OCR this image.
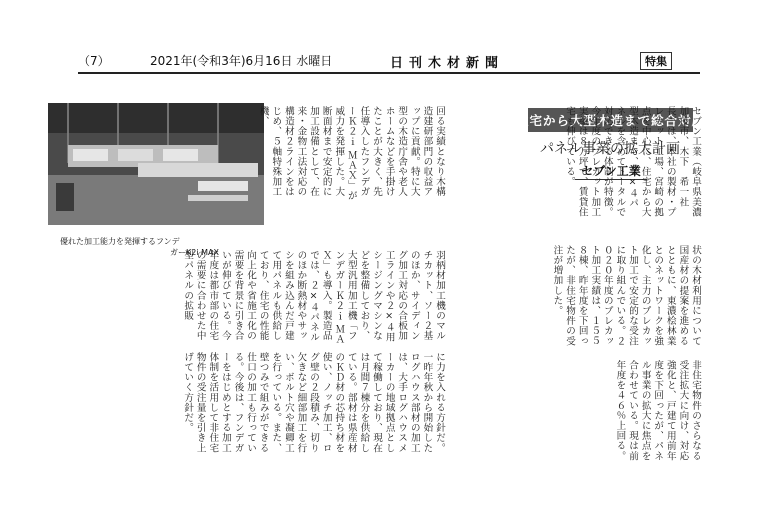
（7）	2021年(令和3年)6月16日 水曜日	日刊木材新聞	特集
優れた加工能力を発揮するフンデ
ガーK2i MAX
回る実績となり木構造建研部門の収益アップに貢献。特に大型の木造庁舎や老人ホームなどを手掛けたことが大きく、先任導入したフンデガーＫ２ｉ ＭＡＸ」が威力を発揮した。大断面材まで安定的に加工設備として、在来・金物工法対応の構造材２ラインをはじめ、５軸特殊加工機、
羽柄材加工機のマルチカット、ソー２基のほか、サイディング加工対応の合板加工ラインや２×４用シージングマシンなどを整備しており、大型汎用加工機「フンデガーＫ２ｉ ＭＡＸ」も導入。製造品では、２×４パネルのほか断熱材やサッシを組み込んだ戸建て用パネルも供給しており、住宅の性能向上化や省施工化の需要を背景に引き合いが伸びている。今年度は都市部の住宅の需要に合わせた中型パネルの拡販
に力を入れる方針だ。一昨年秋から開始したログハウス部材の加工は、大手ログハウスメーカーの地域拠点として稼働しており、現在は月間７棟分を供給している。部材は県産材のＫＤ材の芯持ち材を使い、ノッチ加工、ログ壁の２段積み、切り欠きなど細部加工を行い、ボルト穴や凝卿工を行っている。また、壁つみで組みができる仕口の加工も行っている。今後は、フンデガーをはじめとする加工体制を活用して非住宅物件の受注量を引き上げていく方針だ。
住宅から大型木造まで総合対応
パネル事業の拡大計画
セブン工業	セブン工業（岐阜県美濃加茂市、木下　希一社長）は、本社の製材・プレカット工場、宮崎の拠点を中心に、住宅から大型木造まで、２×４パネルを含めてトータルで対応できる体制が特徴。今年度のプレカット加工実績は８万坪で、賃貸住宅も伸びている。
状の木材利用について国産材の提案を進めるとともに、東濃桧林業とのネットワークを強化し、主力のプレカット加工で安定的な受注に取り組んでいる。２０２０年度のプレカット加工実績は、１５５８棟、昨年度を下回ったが、非住宅物件の受注が増加した。
非住宅物件のさらなる受注拡大に向け、対応強化と、戸建て用前年度を下回ったが、パネル事業の拡大に焦点を合わせている。現は前年度を４６％上回る。
